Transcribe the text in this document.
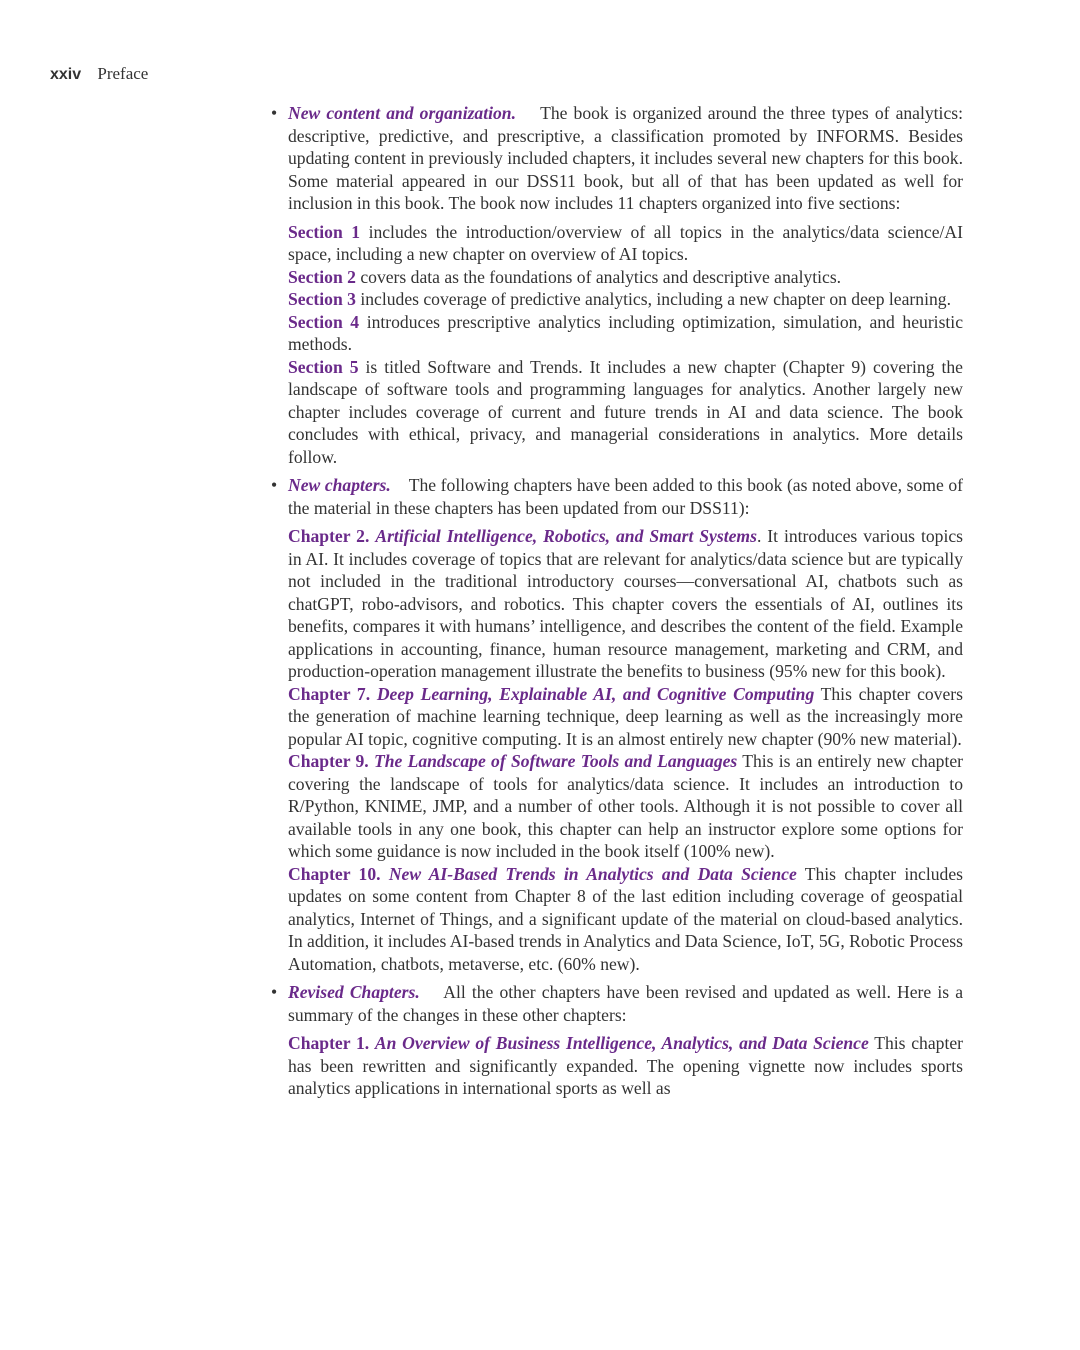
xxiv Preface
• New content and organization. The book is organized around the three types of analytics: descriptive, predictive, and prescriptive, a classification promoted by INFORMS. Besides updating content in previously included chapters, it includes several new chapters for this book. Some material appeared in our DSS11 book, but all of that has been updated as well for inclusion in this book. The book now includes 11 chapters organized into five sections:

Section 1 includes the introduction/overview of all topics in the analytics/data science/AI space, including a new chapter on overview of AI topics.

Section 2 covers data as the foundations of analytics and descriptive analytics.

Section 3 includes coverage of predictive analytics, including a new chapter on deep learning.

Section 4 introduces prescriptive analytics including optimization, simulation, and heuristic methods.

Section 5 is titled Software and Trends. It includes a new chapter (Chapter 9) covering the landscape of software tools and programming languages for analytics. Another largely new chapter includes coverage of current and future trends in AI and data science. The book concludes with ethical, privacy, and managerial considerations in analytics. More details follow.

• New chapters. The following chapters have been added to this book (as noted above, some of the material in these chapters has been updated from our DSS11):

Chapter 2. Artificial Intelligence, Robotics, and Smart Systems. It introduces various topics in AI. It includes coverage of topics that are relevant for analytics/data science but are typically not included in the traditional introductory courses—conversational AI, chatbots such as chatGPT, robo-advisors, and robotics. This chapter covers the essentials of AI, outlines its benefits, compares it with humans’ intelligence, and describes the content of the field. Example applications in accounting, finance, human resource management, marketing and CRM, and production-operation management illustrate the benefits to business (95% new for this book).

Chapter 7. Deep Learning, Explainable AI, and Cognitive Computing This chapter covers the generation of machine learning technique, deep learning as well as the increasingly more popular AI topic, cognitive computing. It is an almost entirely new chapter (90% new material).

Chapter 9. The Landscape of Software Tools and Languages This is an entirely new chapter covering the landscape of tools for analytics/data science. It includes an introduction to R/Python, KNIME, JMP, and a number of other tools. Although it is not possible to cover all available tools in any one book, this chapter can help an instructor explore some options for which some guidance is now included in the book itself (100% new).

Chapter 10. New AI-Based Trends in Analytics and Data Science This chapter includes updates on some content from Chapter 8 of the last edition including coverage of geospatial analytics, Internet of Things, and a significant update of the material on cloud-based analytics. In addition, it includes AI-based trends in Analytics and Data Science, IoT, 5G, Robotic Process Automation, chatbots, metaverse, etc. (60% new).

• Revised Chapters. All the other chapters have been revised and updated as well. Here is a summary of the changes in these other chapters:

Chapter 1. An Overview of Business Intelligence, Analytics, and Data Science This chapter has been rewritten and significantly expanded. The opening vignette now includes sports analytics applications in international sports as well as
